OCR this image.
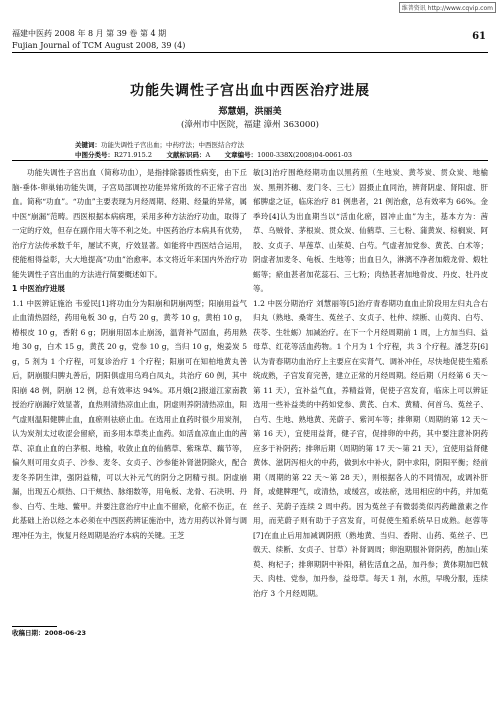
维普资讯 http://www.cqvip.com
福建中医药 2008 年 8 月 第 39 卷 第 4 期
Fujian Journal of TCM August 2008, 39 (4)
61
功能失调性子宫出血中西医治疗进展
郑慧娟，洪丽美
(漳州市中医院，福建 漳州 363000)
关键词：功能失调性子宫出血；中药疗法；中西医结合疗法
中图分类号：R271.915.2 文献标识码：A 文章编号：1000-338X(2008)04-0061-03

功能失调性子宫出血（简称功血），是指排除器质性病变，由下丘脑-垂体-卵巢轴功能失调，子宫局部调控功能异常所致的不正常子宫出血。简称“功血”。“功血”主要表现为月经周期、经期、经量的异常，属中医“崩漏”范畴。西医根据本病病理，采用多种方法治疗功血，取得了一定的疗效，但存在副作用大等不利之处。中医药治疗本病具有优势，治疗方法传承数千年，屡试不爽，疗效显著。如能将中西医结合运用，使能相得益彰，大大地提高“功血”治愈率。本文将近年来国内外治疗功能失调性子宫出血的方法进行简要概述如下。

1 中医治疗进展

1.1 中医辨证施治 韦爱民[1]将功血分为阳崩和阴崩两型；阳崩用益气止血清热固经，药用龟板 30 g，白芍 20 g，黄芩 10 g，黄柏 10 g，椿根皮 10 g，香附 6 g；阴崩用固本止崩汤，温肾补气固血，药用熟地 30 g，白术 15 g，黄芪 20 g，党参 10 g，当归 10 g，炮姜炭 5 g，5 剂为 1 个疗程，可复诊治疗 1 个疗程；阳崩可在知柏地黄丸善后，阴崩服归脾丸善后，阴阳俱虚用乌鸡白凤丸，共治疗 60 例，其中阳崩 48 例，阴崩 12 例，总有效率达 94%。邓月娥[2]报道江家南教授治疗崩漏疗效显著，血热则清热凉血止血，阴虚则养阴清热凉血，阳气虚则温阳健脾止血，血瘀则祛瘀止血。在选用止血药时很少用炭剂，认为炭剂太过收涩会留瘀，而多用本草类止血药。如活血凉血止血的茜草、凉血止血的白茅根、地榆，收敛止血的仙鹤草、紫珠草、藕节等，偏久则可用女贞子、沙参、麦冬、女贞子、沙参能补肾滋阴除火，配合麦冬养阴生津，强阴益精，可以大补元气的阴分之阴精亏损。阴虚崩漏，出现五心烦热、口干颊热、脉细数等，用龟板、龙骨、石决明、丹参、白芍、生地、鳖甲。并要注意治疗中止血不留瘀，化瘀不伤正，在此基础上治以经之本必须在中西医药辨证施治中，选方用药以补肾与调理冲任为主，恢复月经周期是治疗本病的关键。王芝

敏[3]治疗围绝经期功血以黑药煎（生地炭、黄芩炭、贯众炭、地榆炭、黑荆芥穗、麦门冬、三七）固摄止血同治，辨肾阴虚、肾阳虚、肝郁脾虚之证，临床治疗 81 例患者，21 例治愈，总有效率为 66%。金季玲[4]认为出血期当以“活血化瘀，固冲止血”为主，基本方为：茜草、乌贼骨、茅根炭、贯众炭、仙鹤草、三七粉、蒲黄炭、棕榈炭、阿胶、女贞子、旱莲草、山茱萸、白芍。气虚者加党参、黄芪、白术等；阴虚者加麦冬、龟板、生地等；出血日久，淋漓不净者加煅龙骨、煅牡蛎等；瘀血甚者加花蕊石、三七粉；肉热甚者加地骨皮、丹皮、牡丹皮等。

1.2 中医分期治疗 刘慧丽等[5]治疗青春期功血血止阶段用左归丸合右归丸（熟地、桑寄生、菟丝子、女贞子、杜仲、续断、山萸肉、白芍、茯苓、生牡蛎）加减治疗。在下一个月经周期前 1 周，上方加当归、益母草、红花等活血药物。1 个月为 1 个疗程，共 3 个疗程。潘芝芬[6]认为青春期功血治疗上主要应在实肾气、调补冲任，尽快地促使生殖系统成熟，子宫发育完善，建立正常的月经周期。经后期（月经第 6 天～第 11 天），宜补益气血，养精益肾，促使子宫发育，临床上可以辨证选用一些补益类的中药如党参、黄芪、白术、黄精、何首乌、菟丝子、白芍、生地、熟地黄、芜蔚子、紫河车等；排卵期（周期的第 12 天～第 16 天），宜使用益肾，健子宫，促排卵的中药，其中要注意补阴药应多于补阴药；排卵后期（周期的第 17 天～第 21 天），宜使用益肾健黄体、滋阴泻相火的中药，做到水中补火，阴中求阳，阴阳平衡；经前期（周期的第 22 天～第 28 天），则根据各人的不同情况，或调补肝肾，或健脾理气，或清热，或缓宫，或祛瘀，选用相应的中药，并加菟丝子、芜蔚子连续 2 周中药。因为菟丝子有微弱类似丙药雌激素之作用，而芜蔚子则有助于子宫发育，可促使生殖系统早日成熟。赵蓉等[7]在血止后用加减调阴煎（熟地黄、当归、香附、山药、菟丝子、巴戟天、续断、女贞子、甘草）补肾调周；卵泡期服补肾阴药，酌加山茱萸、枸杞子；排卵期阴中补阳，稍佐活血之品，加丹参；黄体期加巴戟天、肉桂、党参，加丹参，益母草。每天 1 剂，水煎，早晚分服，连续治疗 3 个月经周期。

收稿日期：2008-06-23
